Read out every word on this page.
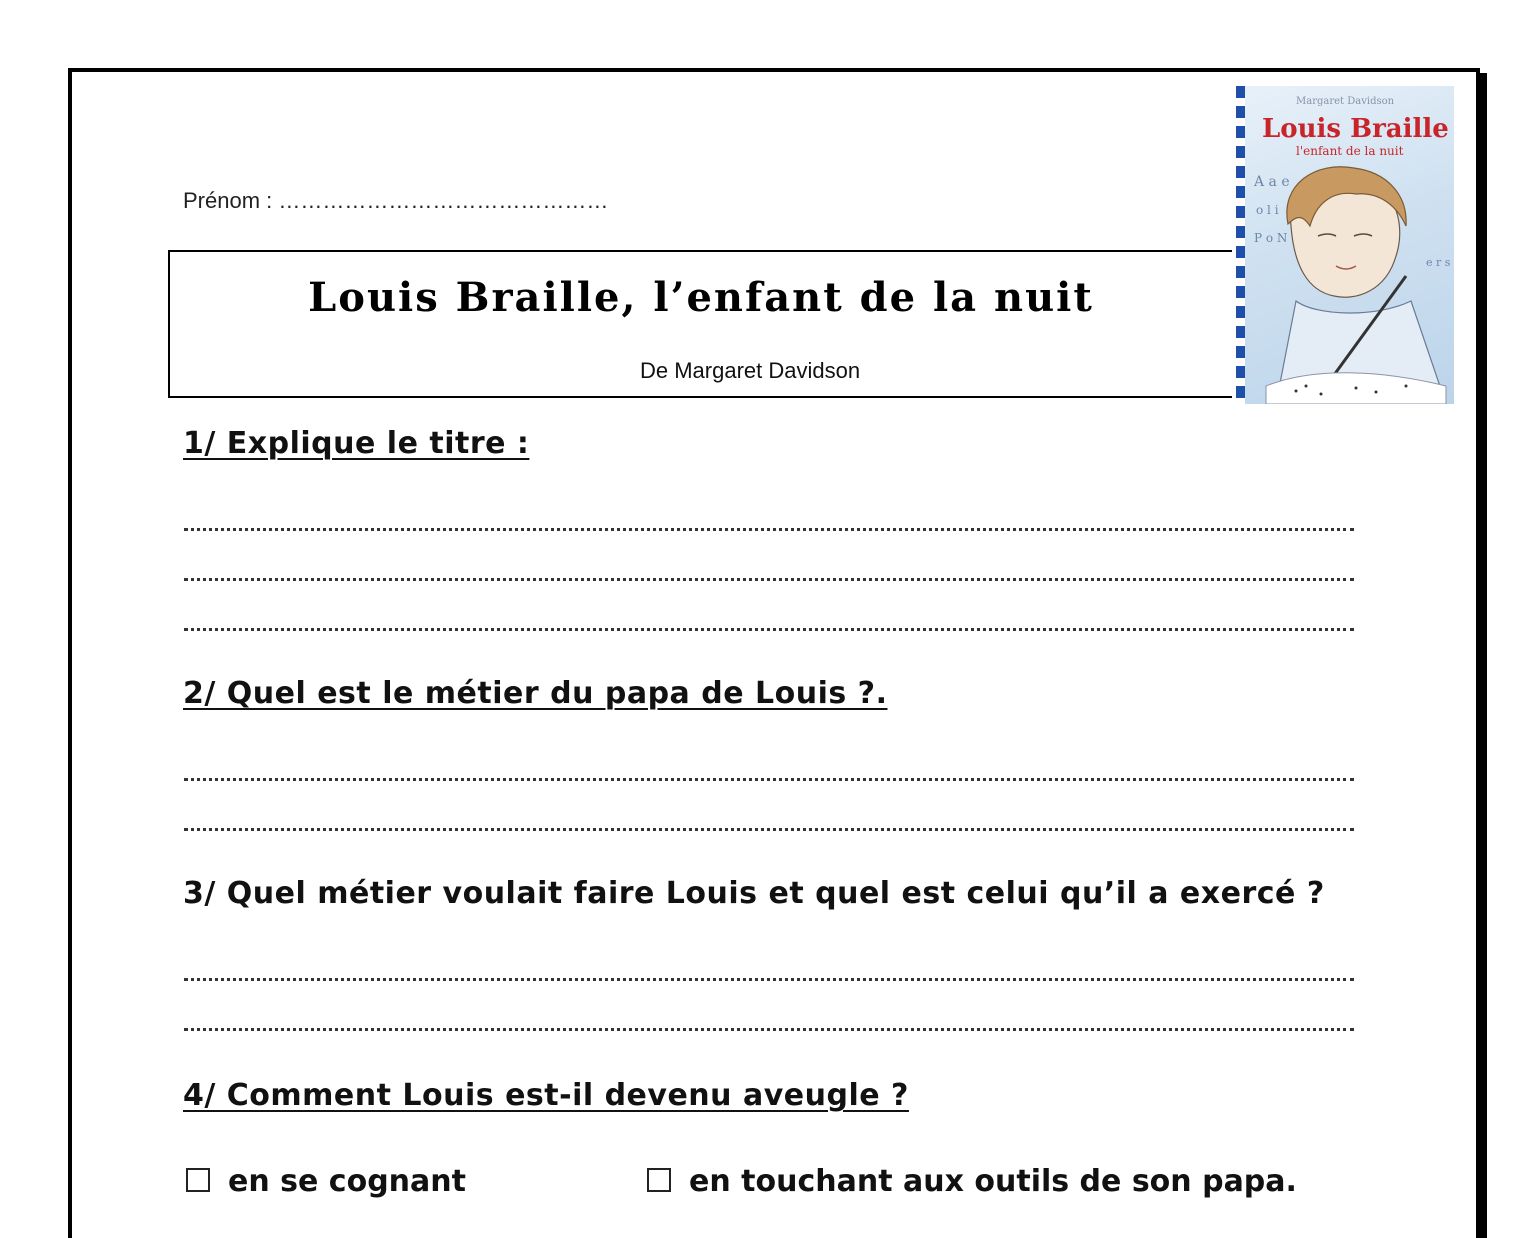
Prénom : ………………………………………
Louis Braille, l’enfant de la nuit
De Margaret Davidson
Margaret Davidson
Louis Braille
l'enfant de la nuit
A a e
o l i
P o N
e r s
1/ Explique le titre :
2/ Quel est le métier du papa de Louis ?.
3/ Quel métier voulait faire Louis et quel est celui qu’il a exercé ?
4/ Comment Louis est-il devenu aveugle ?
en se cognant	en touchant aux outils de son papa.
